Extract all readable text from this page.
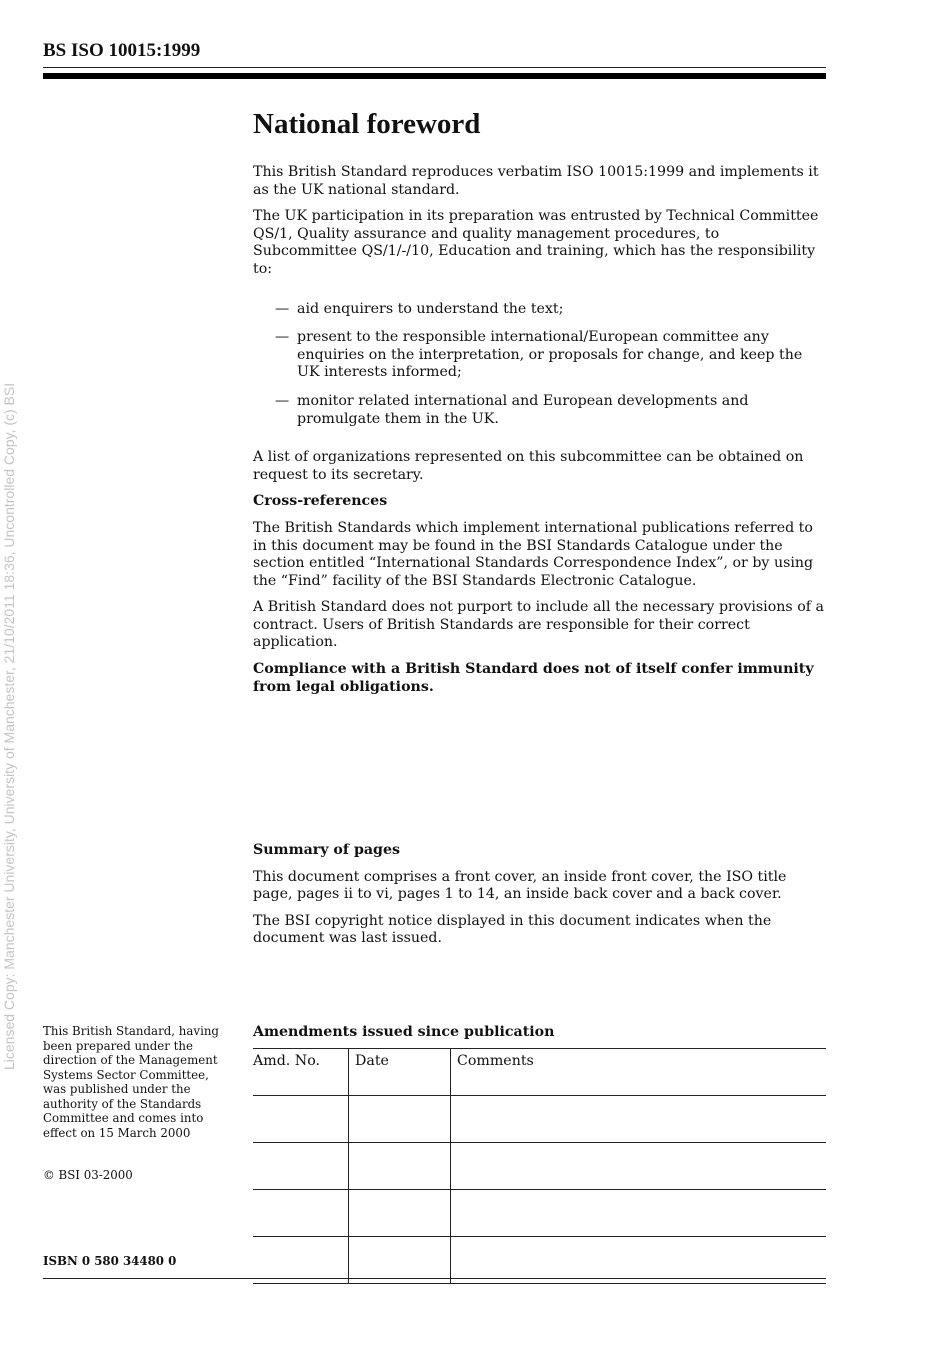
BS ISO 10015:1999
Licensed Copy: Manchester University, University of Manchester, 21/10/2011 18:36, Uncontrolled Copy, (c) BSI
National foreword

This British Standard reproduces verbatim ISO 10015:1999 and implements it as the UK national standard.

The UK participation in its preparation was entrusted by Technical Committee QS/1, Quality assurance and quality management procedures, to Subcommittee QS/1/-/10, Education and training, which has the responsibility to:

— aid enquirers to understand the text;
— present to the responsible international/European committee any enquiries on the interpretation, or proposals for change, and keep the UK interests informed;
— monitor related international and European developments and promulgate them in the UK.

A list of organizations represented on this subcommittee can be obtained on request to its secretary.

Cross-references

The British Standards which implement international publications referred to in this document may be found in the BSI Standards Catalogue under the section entitled “International Standards Correspondence Index”, or by using the “Find” facility of the BSI Standards Electronic Catalogue.

A British Standard does not purport to include all the necessary provisions of a contract. Users of British Standards are responsible for their correct application.

Compliance with a British Standard does not of itself confer immunity from legal obligations.

Summary of pages

This document comprises a front cover, an inside front cover, the ISO title page, pages ii to vi, pages 1 to 14, an inside back cover and a back cover.

The BSI copyright notice displayed in this document indicates when the document was last issued.

This British Standard, having been prepared under the direction of the Management Systems Sector Committee, was published under the authority of the Standards Committee and comes into effect on 15 March 2000
© BSI 03-2000
ISBN 0 580 34480 0
Amendments issued since publication
Amd. No.	Date	Comments
